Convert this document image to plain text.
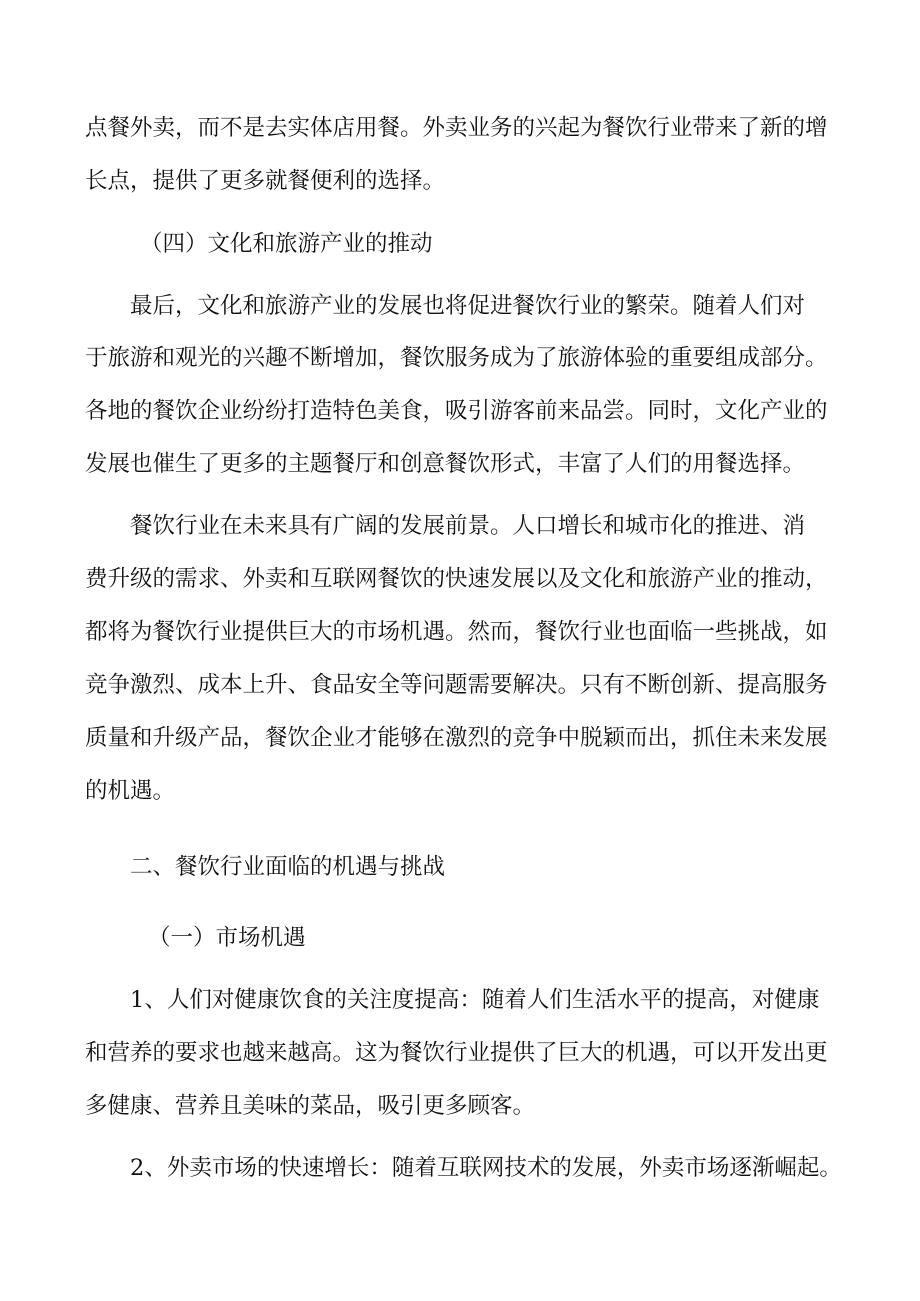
点餐外卖，而不是去实体店用餐。外卖业务的兴起为餐饮行业带来了新的增
长点，提供了更多就餐便利的选择。
（四）文化和旅游产业的推动
最后，文化和旅游产业的发展也将促进餐饮行业的繁荣。随着人们对
于旅游和观光的兴趣不断增加，餐饮服务成为了旅游体验的重要组成部分。
各地的餐饮企业纷纷打造特色美食，吸引游客前来品尝。同时，文化产业的
发展也催生了更多的主题餐厅和创意餐饮形式，丰富了人们的用餐选择。
餐饮行业在未来具有广阔的发展前景。人口增长和城市化的推进、消
费升级的需求、外卖和互联网餐饮的快速发展以及文化和旅游产业的推动，
都将为餐饮行业提供巨大的市场机遇。然而，餐饮行业也面临一些挑战，如
竞争激烈、成本上升、食品安全等问题需要解决。只有不断创新、提高服务
质量和升级产品，餐饮企业才能够在激烈的竞争中脱颖而出，抓住未来发展
的机遇。
二、餐饮行业面临的机遇与挑战
（一）市场机遇
1、人们对健康饮食的关注度提高：随着人们生活水平的提高，对健康
和营养的要求也越来越高。这为餐饮行业提供了巨大的机遇，可以开发出更
多健康、营养且美味的菜品，吸引更多顾客。
2、外卖市场的快速增长：随着互联网技术的发展，外卖市场逐渐崛起。
